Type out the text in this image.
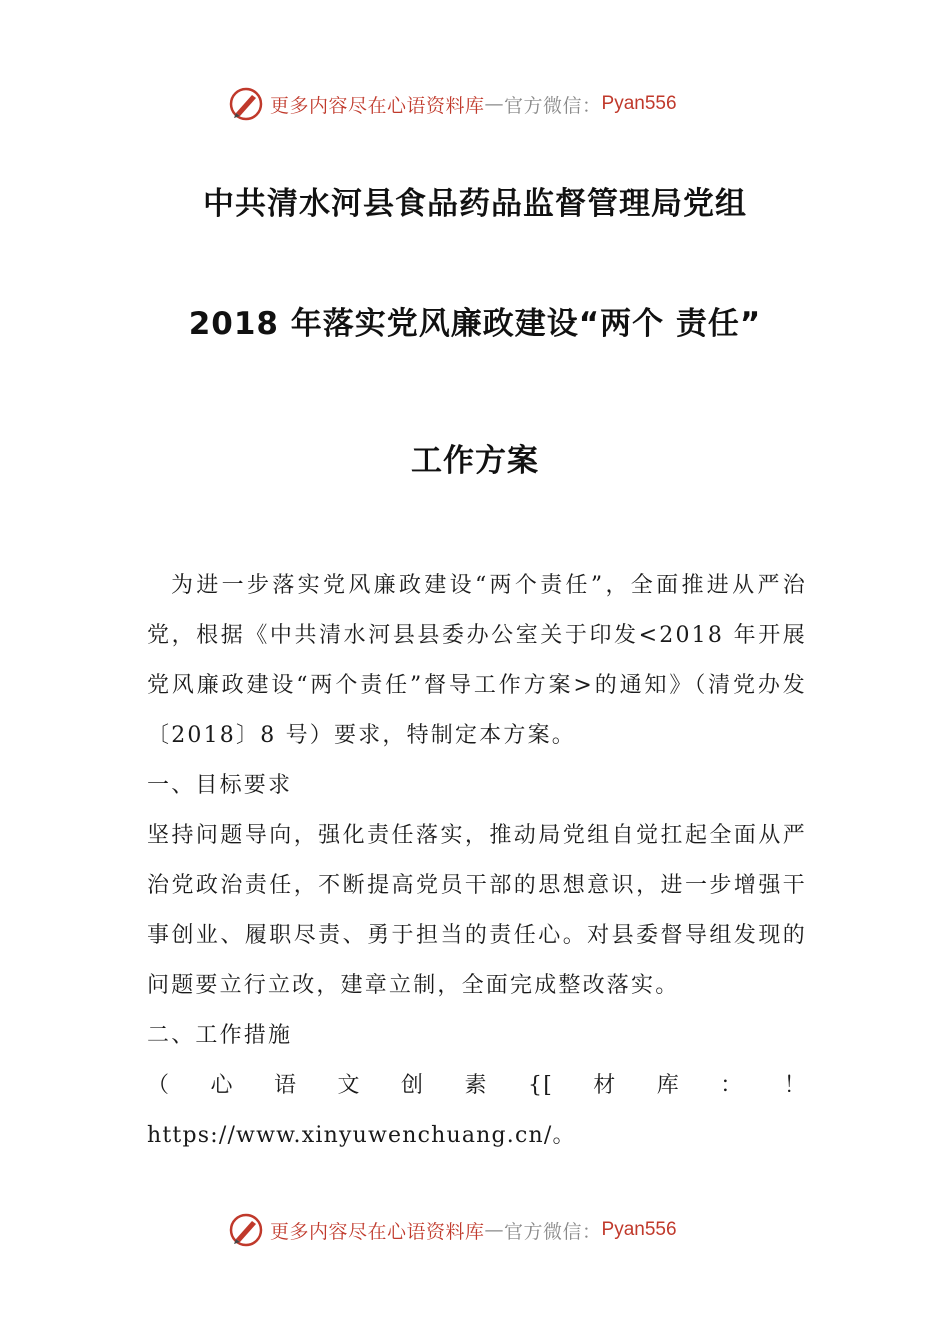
更多内容尽在心语资料库 — 官方微信： Pyan556
中共清水河县食品药品监督管理局党组
2018 年落实党风廉政建设“两个 责任”
工作方案

为进一步落实党风廉政建设“两个责任”，全面推进从严治党，根据《中共清水河县县委办公室关于印发<2018 年开展党风廉政建设“两个责任”督导工作方案>的通知》（清党办发〔2018〕8 号）要求，特制定本方案。

一、目标要求

坚持问题导向，强化责任落实，推动局党组自觉扛起全面从严治党政治责任，不断提高党员干部的思想意识，进一步增强干事创业、履职尽责、勇于担当的责任心。对县委督导组发现的问题要立行立改，建章立制，全面完成整改落实。

二、工作措施

（心语文创素{[材库：！ https://www.xinyuwenchuang.cn/。

更多内容尽在心语资料库 — 官方微信： Pyan556
